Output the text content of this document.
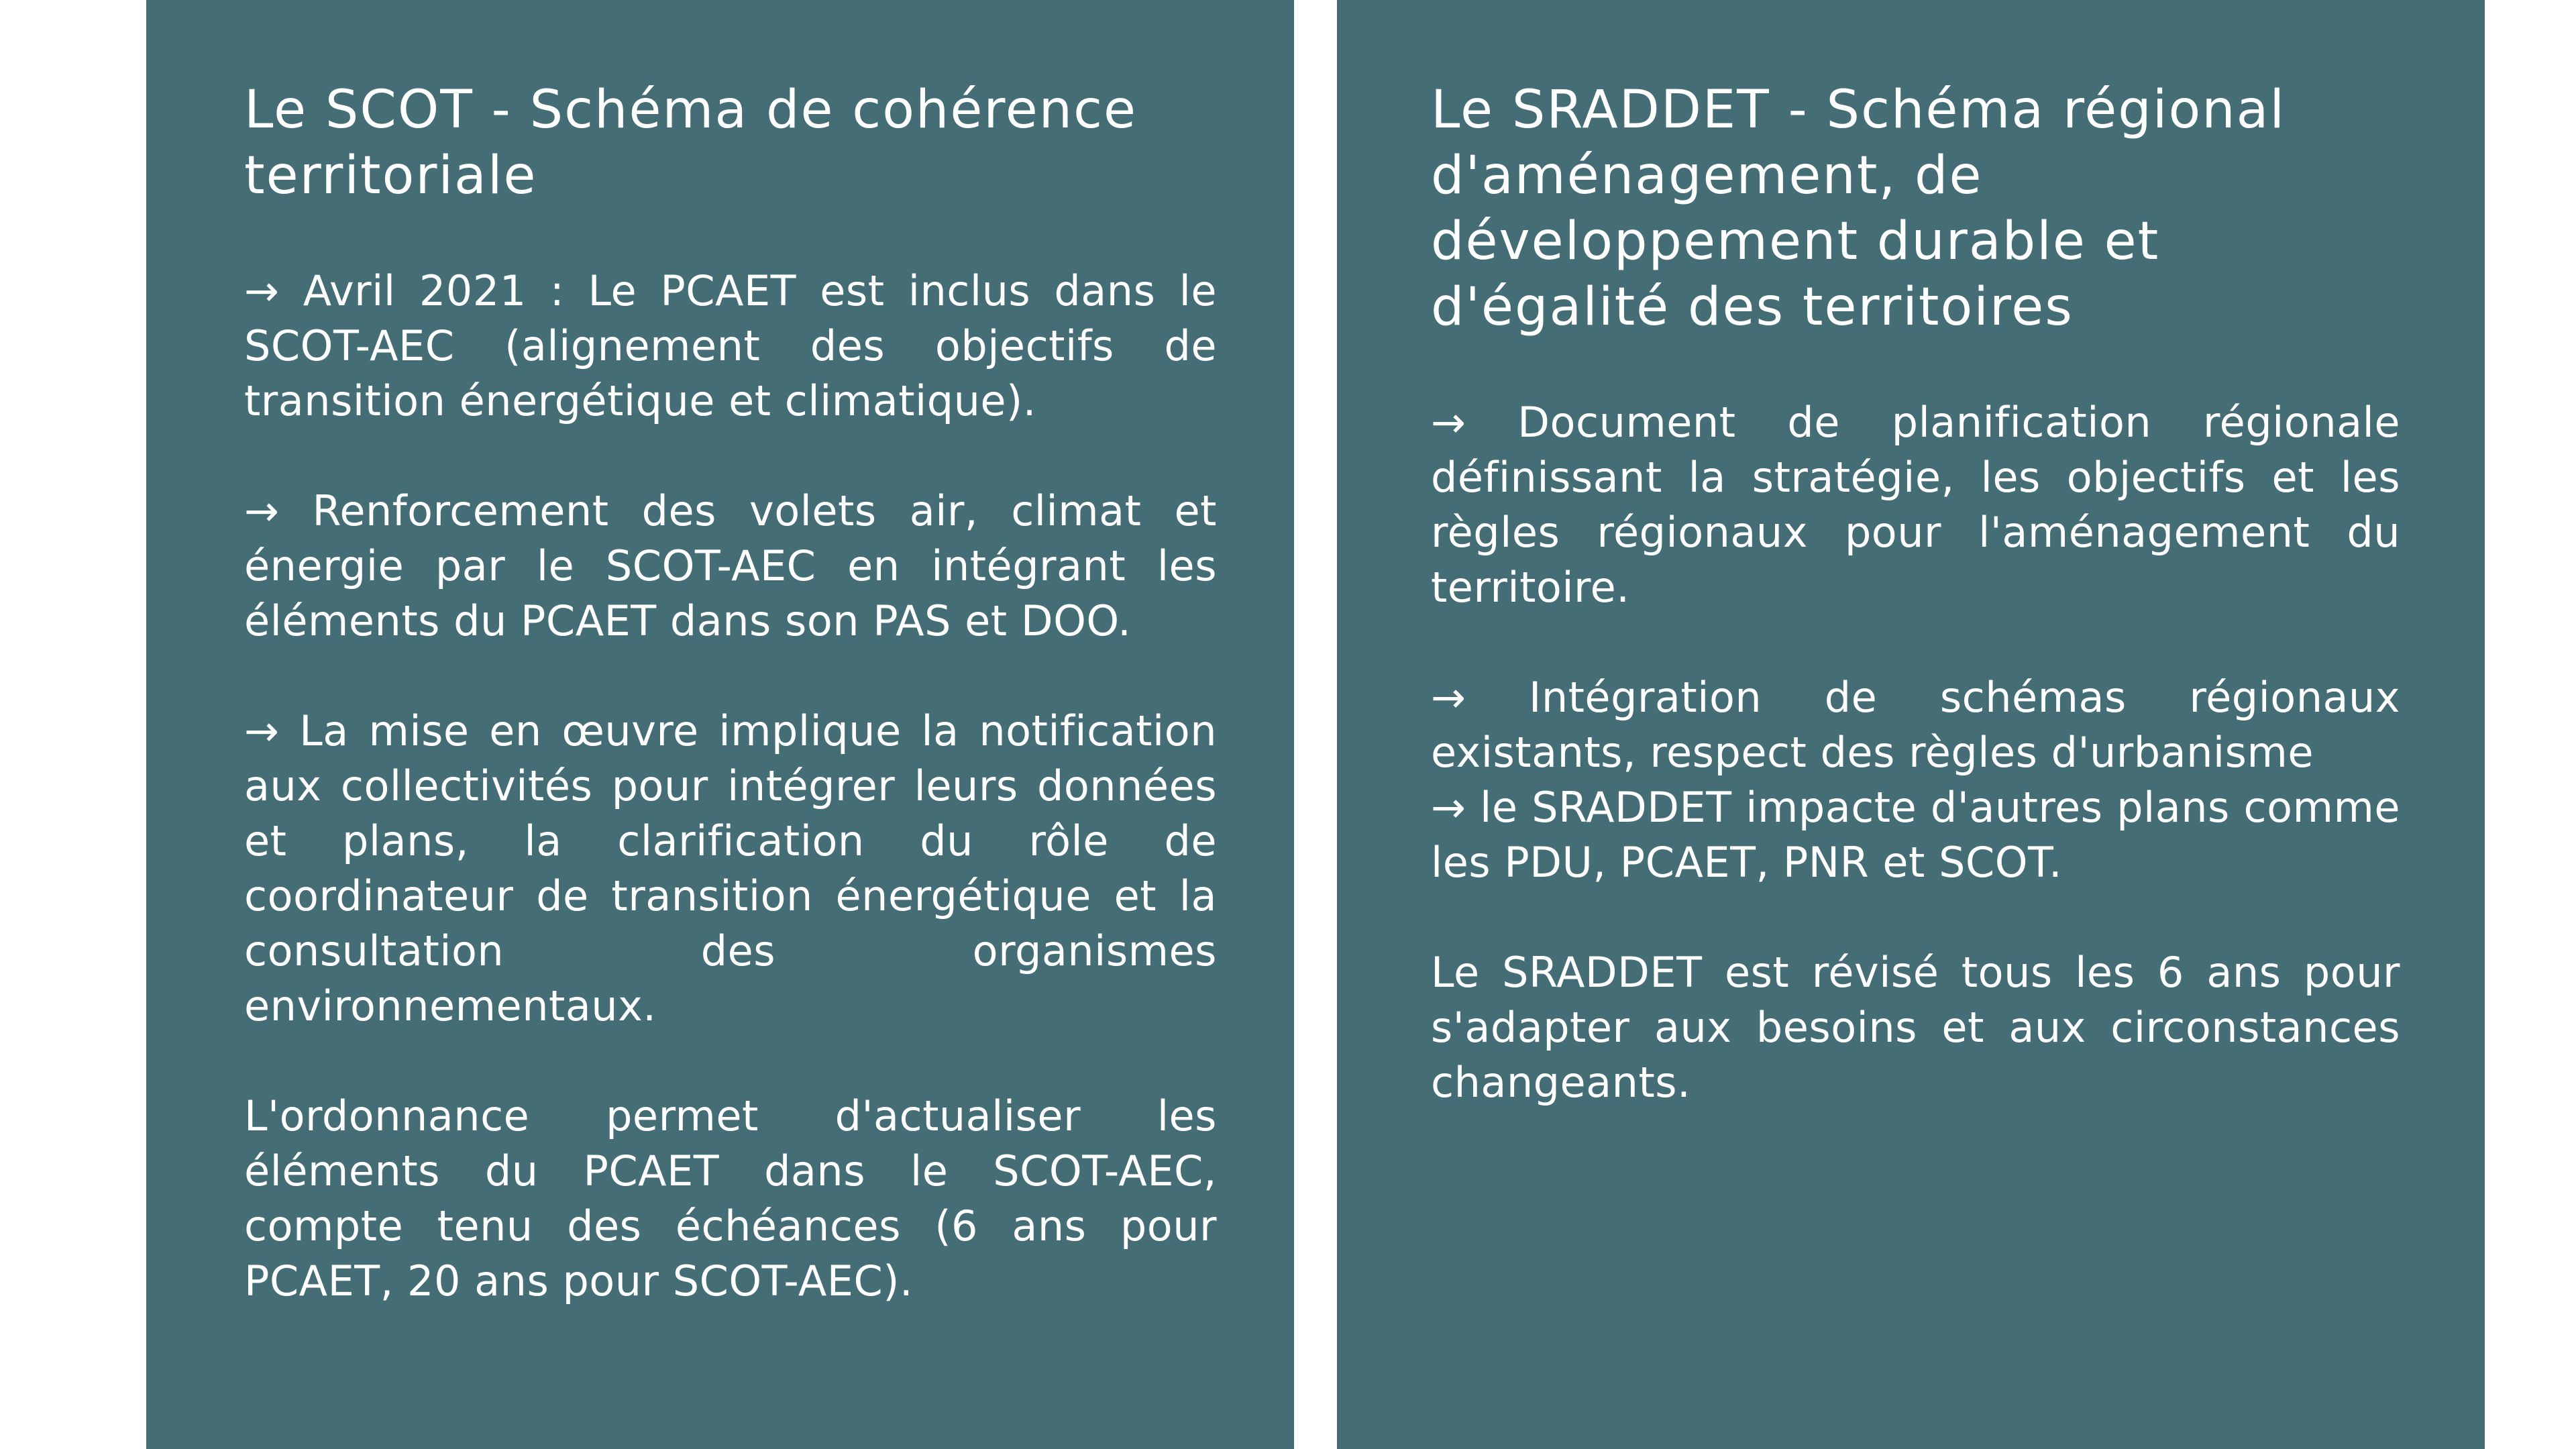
Le SCOT - Schéma de cohérence territoriale

→ Avril 2021 : Le PCAET est inclus dans le SCOT-AEC (alignement des objectifs de transition énergétique et climatique).

→ Renforcement des volets air, climat et énergie par le SCOT-AEC en intégrant les éléments du PCAET dans son PAS et DOO.

→ La mise en œuvre implique la notification aux collectivités pour intégrer leurs données et plans, la clarification du rôle de coordinateur de transition énergétique et la consultation des organismes environnementaux.

L'ordonnance permet d'actualiser les éléments du PCAET dans le SCOT-AEC, compte tenu des échéances (6 ans pour PCAET, 20 ans pour SCOT-AEC).

Le SRADDET - Schéma régional d'aménagement, de développement durable et d'égalité des territoires

→ Document de planification régionale définissant la stratégie, les objectifs et les règles régionaux pour l'aménagement du territoire.

→ Intégration de schémas régionaux existants, respect des règles d'urbanisme
→ le SRADDET impacte d'autres plans comme les PDU, PCAET, PNR et SCOT.

Le SRADDET est révisé tous les 6 ans pour s'adapter aux besoins et aux circonstances changeants.
